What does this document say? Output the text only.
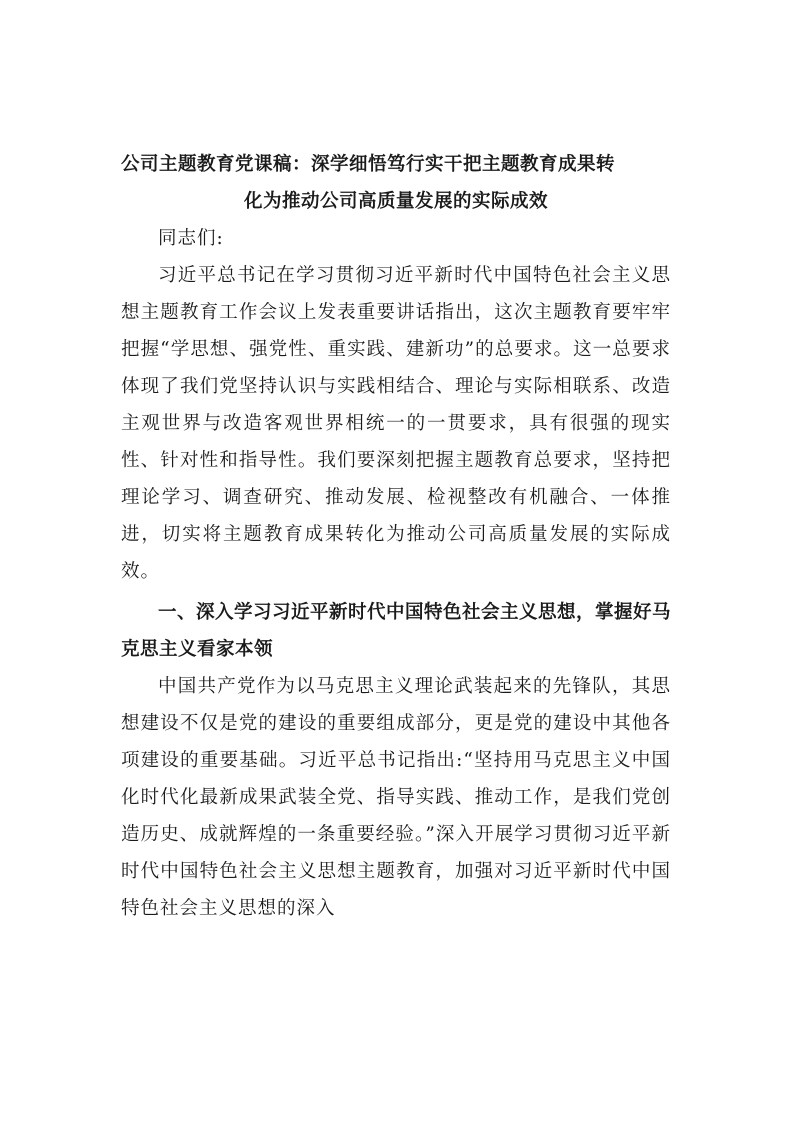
公司主题教育党课稿：深学细悟笃行实干把主题教育成果转
化为推动公司高质量发展的实际成效

同志们:

习近平总书记在学习贯彻习近平新时代中国特色社会主义思想主题教育工作会议上发表重要讲话指出，这次主题教育要牢牢把握“学思想、强党性、重实践、建新功”的总要求。这一总要求体现了我们党坚持认识与实践相结合、理论与实际相联系、改造主观世界与改造客观世界相统一的一贯要求，具有很强的现实性、针对性和指导性。我们要深刻把握主题教育总要求，坚持把理论学习、调查研究、推动发展、检视整改有机融合、一体推进，切实将主题教育成果转化为推动公司高质量发展的实际成效。

一、深入学习习近平新时代中国特色社会主义思想，掌握好马克思主义看家本领

中国共产党作为以马克思主义理论武装起来的先锋队，其思想建设不仅是党的建设的重要组成部分，更是党的建设中其他各项建设的重要基础。习近平总书记指出:“坚持用马克思主义中国化时代化最新成果武装全党、指导实践、推动工作，是我们党创造历史、成就辉煌的一条重要经验。”深入开展学习贯彻习近平新时代中国特色社会主义思想主题教育，加强对习近平新时代中国特色社会主义思想的深入
